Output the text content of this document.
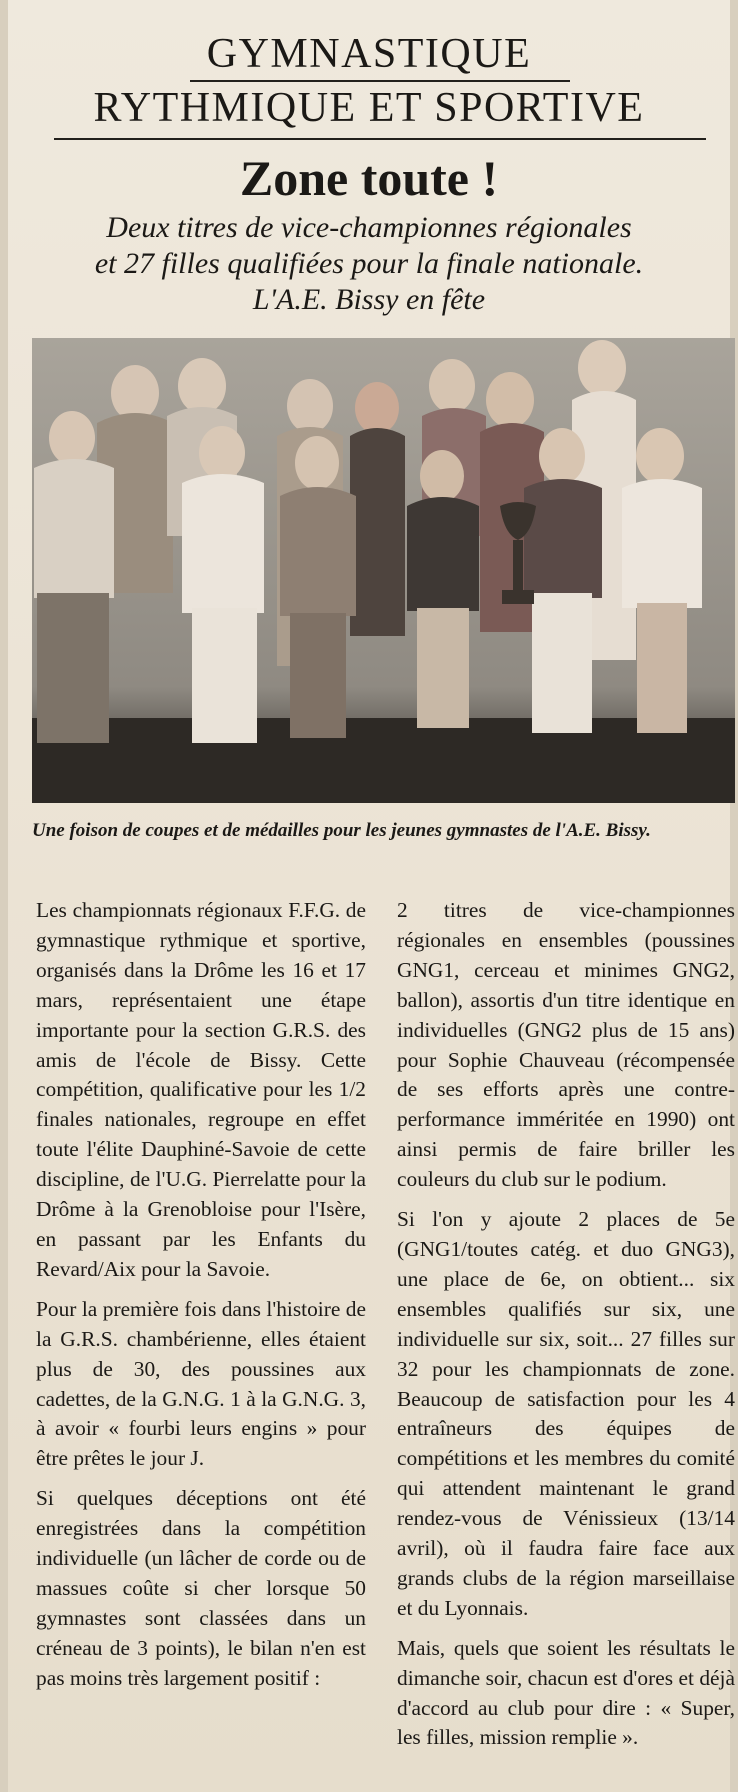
GYMNASTIQUE
RYTHMIQUE ET SPORTIVE
Zone toute !
Deux titres de vice-championnes régionales
et 27 filles qualifiées pour la finale nationale.
L'A.E. Bissy en fête
Une foison de coupes et de médailles pour les jeunes gymnastes de l'A.E. Bissy.

Les championnats régionaux F.F.G. de gymnastique rythmique et sportive, organisés dans la Drôme les 16 et 17 mars, représentaient une étape importante pour la section G.R.S. des amis de l'école de Bissy. Cette compétition, qualificative pour les 1/2 finales nationales, regroupe en effet toute l'élite Dauphiné-Savoie de cette discipline, de l'U.G. Pierrelatte pour la Drôme à la Grenobloise pour l'Isère, en passant par les Enfants du Revard/Aix pour la Savoie.

Pour la première fois dans l'histoire de la G.R.S. chambérienne, elles étaient plus de 30, des poussines aux cadettes, de la G.N.G. 1 à la G.N.G. 3, à avoir « fourbi leurs engins » pour être prêtes le jour J.

Si quelques déceptions ont été enregistrées dans la compétition individuelle (un lâcher de corde ou de massues coûte si cher lorsque 50 gymnastes sont classées dans un créneau de 3 points), le bilan n'en est pas moins très largement positif :

2 titres de vice-championnes régionales en ensembles (poussines GNG1, cerceau et minimes GNG2, ballon), assortis d'un titre identique en individuelles (GNG2 plus de 15 ans) pour Sophie Chauveau (récompensée de ses efforts après une contre-performance imméritée en 1990) ont ainsi permis de faire briller les couleurs du club sur le podium.

Si l'on y ajoute 2 places de 5e (GNG1/toutes catég. et duo GNG3), une place de 6e, on obtient... six ensembles qualifiés sur six, une individuelle sur six, soit... 27 filles sur 32 pour les championnats de zone. Beaucoup de satisfaction pour les 4 entraîneurs des équipes de compétitions et les membres du comité qui attendent maintenant le grand rendez-vous de Vénissieux (13/14 avril), où il faudra faire face aux grands clubs de la région marseillaise et du Lyonnais.

Mais, quels que soient les résultats le dimanche soir, chacun est d'ores et déjà d'accord au club pour dire : « Super, les filles, mission remplie ».
